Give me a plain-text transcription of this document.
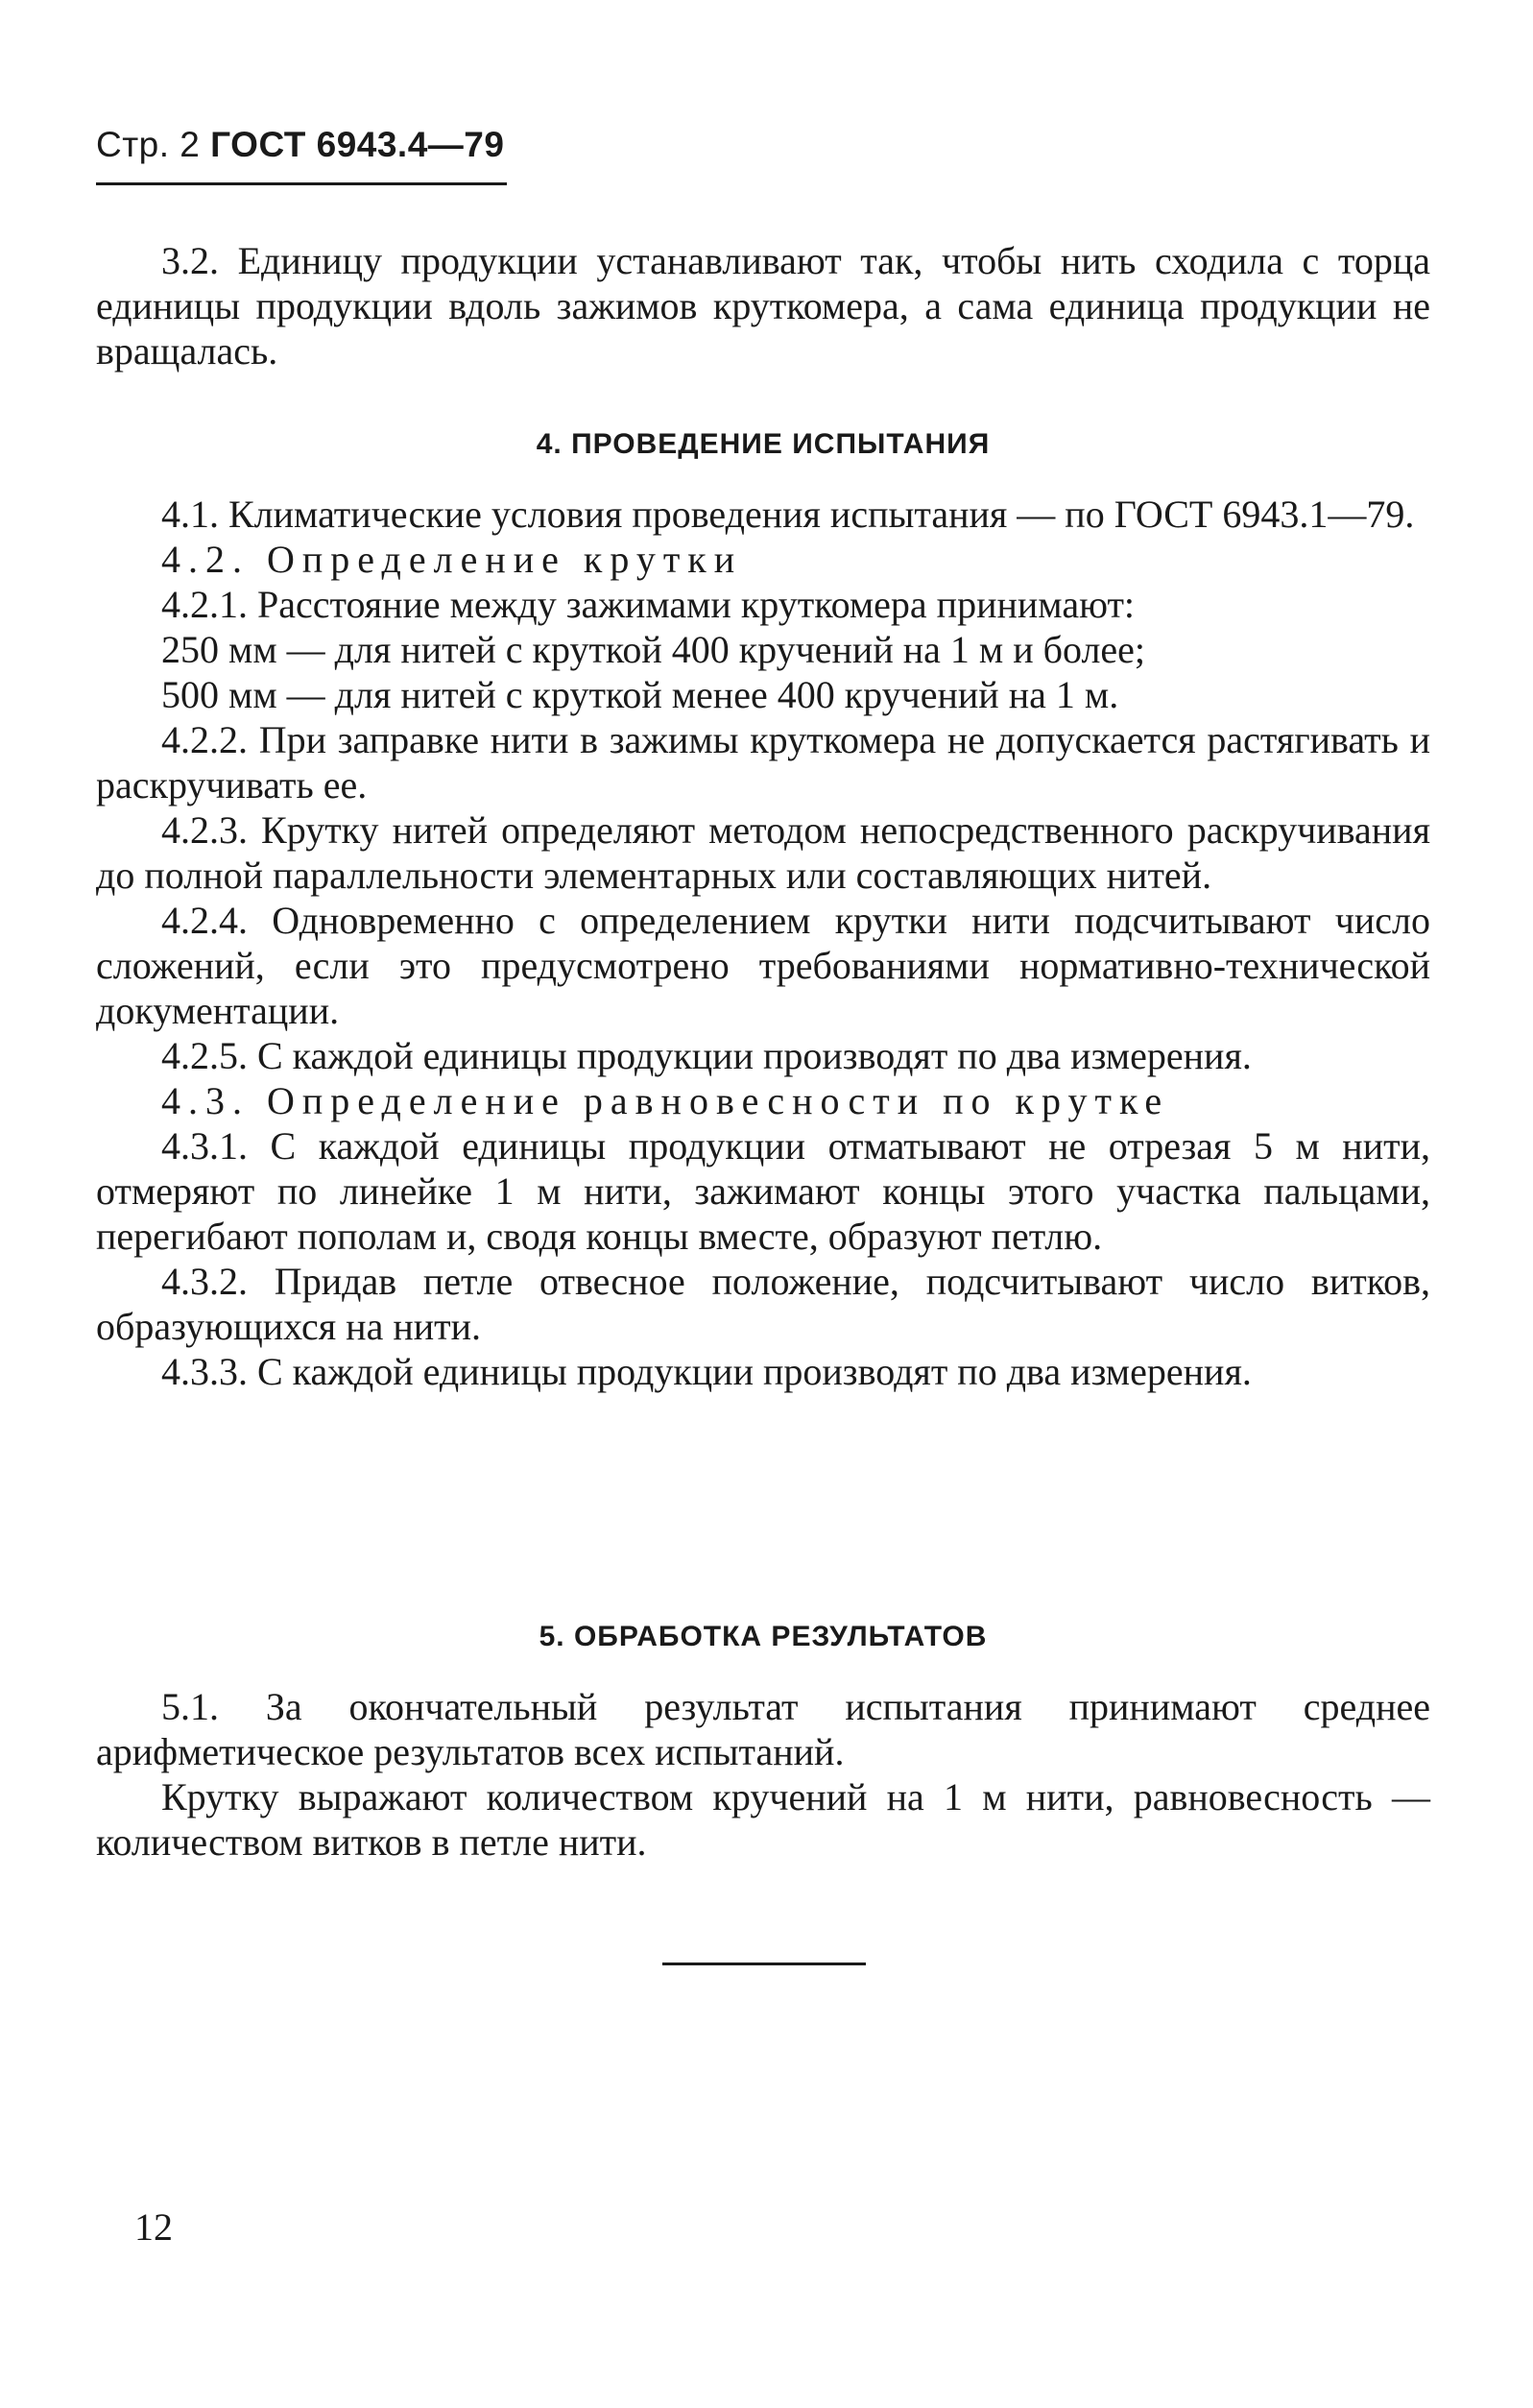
Стр. 2 ГОСТ 6943.4—79

3.2. Единицу продукции устанавливают так, чтобы нить сходила с торца единицы продукции вдоль зажимов круткомера, а сама единица продукции не вращалась.

4. ПРОВЕДЕНИЕ ИСПЫТАНИЯ

4.1. Климатические условия проведения испытания — по ГОСТ 6943.1—79.

4.2. Определение крутки

4.2.1. Расстояние между зажимами круткомера принимают:

250 мм — для нитей с круткой 400 кручений на 1 м и более;

500 мм — для нитей с круткой менее 400 кручений на 1 м.

4.2.2. При заправке нити в зажимы круткомера не допускается растягивать и раскручивать ее.

4.2.3. Крутку нитей определяют методом непосредственного раскручивания до полной параллельности элементарных или составляющих нитей.

4.2.4. Одновременно с определением крутки нити подсчитывают число сложений, если это предусмотрено требованиями нормативно-технической документации.

4.2.5. С каждой единицы продукции производят по два измерения.

4.3. Определение равновесности по крутке

4.3.1. С каждой единицы продукции отматывают не отрезая 5 м нити, отмеряют по линейке 1 м нити, зажимают концы этого участка пальцами, перегибают пополам и, сводя концы вместе, образуют петлю.

4.3.2. Придав петле отвесное положение, подсчитывают число витков, образующихся на нити.

4.3.3. С каждой единицы продукции производят по два измерения.

5. ОБРАБОТКА РЕЗУЛЬТАТОВ

5.1. За окончательный результат испытания принимают среднее арифметическое результатов всех испытаний.

Крутку выражают количеством кручений на 1 м нити, равновесность — количеством витков в петле нити.

12
